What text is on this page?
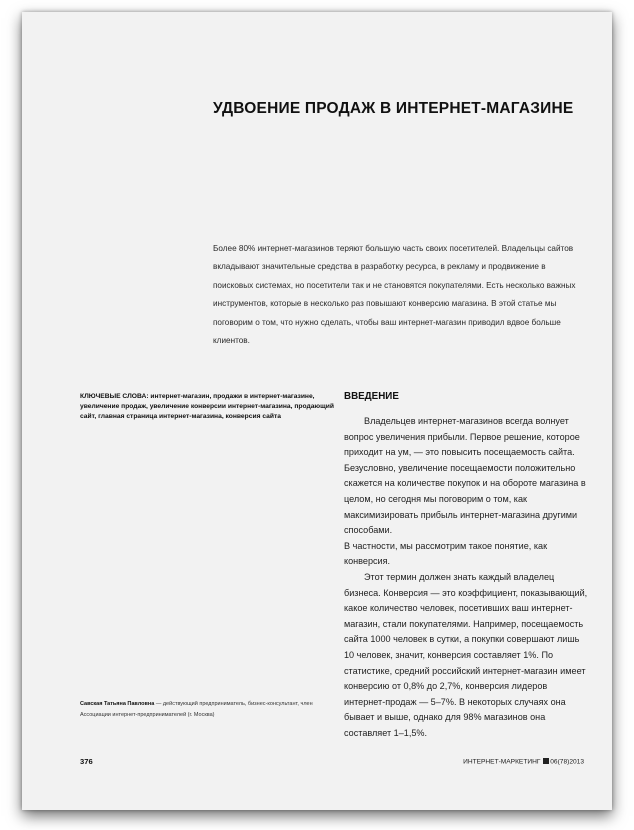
УДВОЕНИЕ ПРОДАЖ В ИНТЕРНЕТ-МАГАЗИНЕ

Более 80% интернет-магазинов теряют большую часть своих посетителей. Владельцы сайтов вкладывают значительные средства в разработку ресурса, в рекламу и продвижение в поисковых системах, но посетители так и не становятся покупателями. Есть несколько важных инструментов, которые в несколько раз повышают конверсию магазина. В этой статье мы поговорим о том, что нужно сделать, чтобы ваш интернет-магазин приводил вдвое больше клиентов.

КЛЮЧЕВЫЕ СЛОВА: интернет-магазин, продажи в интернет-магазине, увеличение продаж, увеличение конверсии интернет-магазина, продающий сайт, главная страница интернет-магазина, конверсия сайта
ВВЕДЕНИЕ

Владельцев интернет-магазинов всегда волнует вопрос увеличения прибыли. Первое решение, которое приходит на ум, — это повысить посещаемость сайта. Безусловно, увеличение посещаемости положительно скажется на количестве покупок и на обороте магазина в целом, но сегодня мы поговорим о том, как максимизировать прибыль интернет-магазина другими способами.

В частности, мы рассмотрим такое понятие, как конверсия.

Этот термин должен знать каждый владелец бизнеса. Конверсия — это коэффициент, показывающий, какое количество человек, посетивших ваш интернет-магазин, стали покупателями. Например, посещаемость сайта 1000 человек в сутки, а покупки совершают лишь 10 человек, значит, конверсия составляет 1%. По статистике, средний российский интернет-магазин имеет конверсию от 0,8% до 2,7%, конверсия лидеров интернет-продаж — 5–7%. В некоторых случаях она бывает и выше, однако для 98% магазинов она составляет 1–1,5%.

Савская Татьяна Павловна — действующий предприниматель, бизнес-консультант, член Ассоциации интернет-предпринимателей (г. Москва)
376	ИНТЕРНЕТ-МАРКЕТИНГ 06(78)2013
